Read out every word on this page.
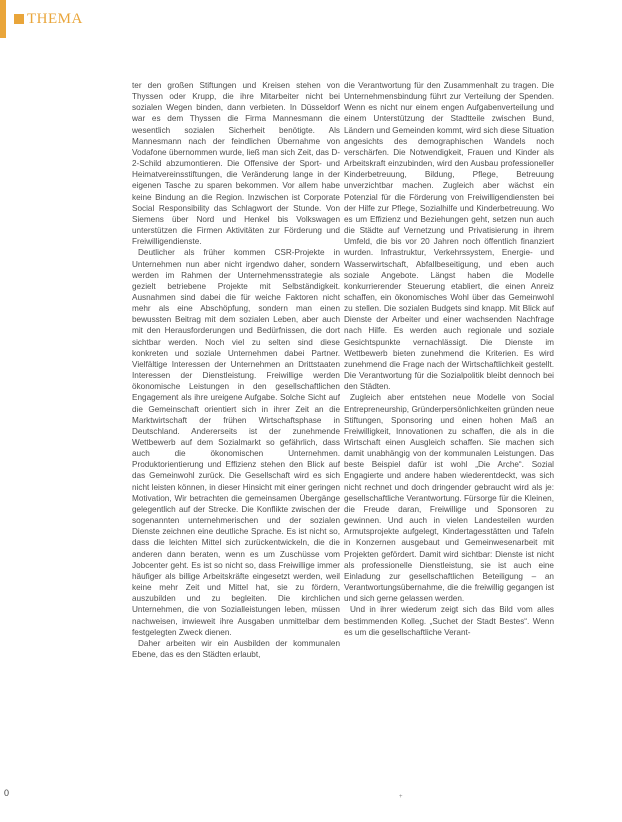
THEMA

ter den großen Stiftungen und Kreisen stehen von Thyssen oder Krupp, die ihre Mitarbeiter nicht bei sozialen Wegen binden, dann verbieten. In Düsseldorf war es dem Thyssen die Firma Mannesmann die wesentlich sozialen Sicherheit benötigte. Als Mannesmann nach der feindlichen Übernahme von Vodafone übernommen wurde, ließ man sich Zeit, das D-2-Schild abzumontieren. Die Offensive der Sport- und Heimatvereinsstiftungen, die Veränderung lange in der eigenen Tasche zu sparen bekommen. Vor allem habe keine Bindung an die Region. Inzwischen ist Corporate Social Responsibility das Schlagwort der Stunde. Von Siemens über Nord und Henkel bis Volkswagen unterstützen die Firmen Aktivitäten zur Förderung und Freiwilligendienste.

Deutlicher als früher kommen CSR-Projekte in Unternehmen nun aber nicht irgendwo daher, sondern werden im Rahmen der Unternehmensstrategie als gezielt betriebene Projekte mit Selbständigkeit. Ausnahmen sind dabei die für weiche Faktoren nicht mehr als eine Abschöpfung, sondern man einen bewussten Beitrag mit dem sozialen Leben, aber auch mit den Herausforderungen und Bedürfnissen, die dort sichtbar werden. Noch viel zu selten sind diese konkreten und soziale Unternehmen dabei Partner. Vielfältige Interessen der Unternehmen an Drittstaaten Interessen der Dienstleistung. Freiwillige werden ökonomische Leistungen in den gesellschaftlichen Engagement als ihre ureigene Aufgabe. Solche Sicht auf die Gemeinschaft orientiert sich in ihrer Zeit an die Marktwirtschaft der frühen Wirtschaftsphase in Deutschland. Andererseits ist der zunehmende Wettbewerb auf dem Sozialmarkt so gefährlich, dass auch die ökonomischen Unternehmen. Produktorientierung und Effizienz stehen den Blick auf das Gemeinwohl zurück. Die Gesellschaft wird es sich nicht leisten können, in dieser Hinsicht mit einer geringen Motivation, Wir betrachten die gemeinsamen Übergänge gelegentlich auf der Strecke. Die Konflikte zwischen der sogenannten unternehmerischen und der sozialen Dienste zeichnen eine deutliche Sprache. Es ist nicht so, dass die leichten Mittel sich zurückentwickeln, die die anderen dann beraten, wenn es um Zuschüsse vom Jobcenter geht. Es ist so nicht so, dass Freiwillige immer häufiger als billige Arbeitskräfte eingesetzt werden, weil keine mehr Zeit und Mittel hat, sie zu fördern, auszubilden und zu begleiten. Die kirchlichen Unternehmen, die von Sozialleistungen leben, müssen nachweisen, inwieweit ihre Ausgaben unmittelbar dem festgelegten Zweck dienen.

Daher arbeiten wir ein Ausbilden der kommunalen Ebene, das es den Städten erlaubt,

die Verantwortung für den Zusammenhalt zu tragen. Die Unternehmensbindung führt zur Verteilung der Spenden. Wenn es nicht nur einem engen Aufgabenverteilung und einem Unterstützung der Stadtteile zwischen Bund, Ländern und Gemeinden kommt, wird sich diese Situation angesichts des demographischen Wandels noch verschärfen. Die Notwendigkeit, Frauen und Kinder als Arbeitskraft einzubinden, wird den Ausbau professioneller Kinderbetreuung, Bildung, Pflege, Betreuung unverzichtbar machen. Zugleich aber wächst ein Potenzial für die Förderung von Freiwilligendiensten bei der Hilfe zur Pflege, Sozialhilfe und Kinderbetreuung. Wo es um Effizienz und Beziehungen geht, setzen nun auch die Städte auf Vernetzung und Privatisierung in ihrem Umfeld, die bis vor 20 Jahren noch öffentlich finanziert wurden. Infrastruktur, Verkehrssystem, Energie- und Wasserwirtschaft, Abfallbeseitigung, und eben auch soziale Angebote. Längst haben die Modelle konkurrierender Steuerung etabliert, die einen Anreiz schaffen, ein ökonomisches Wohl über das Gemeinwohl zu stellen. Die sozialen Budgets sind knapp. Mit Blick auf Dienste der Arbeiter und einer wachsenden Nachfrage nach Hilfe. Es werden auch regionale und soziale Gesichtspunkte vernachlässigt. Die Dienste im Wettbewerb bieten zunehmend die Kriterien. Es wird zunehmend die Frage nach der Wirtschaftlichkeit gestellt. Die Verantwortung für die Sozialpolitik bleibt dennoch bei den Städten.

Zugleich aber entstehen neue Modelle von Social Entrepreneurship, Gründerpersönlichkeiten gründen neue Stiftungen, Sponsoring und einen hohen Maß an Freiwilligkeit, Innovationen zu schaffen, die als in die Wirtschaft einen Ausgleich schaffen. Sie machen sich damit unabhängig von der kommunalen Leistungen. Das beste Beispiel dafür ist wohl „Die Arche“. Sozial Engagierte und andere haben wiederentdeckt, was sich nicht rechnet und doch dringender gebraucht wird als je: gesellschaftliche Verantwortung. Fürsorge für die Kleinen, die Freude daran, Freiwillige und Sponsoren zu gewinnen. Und auch in vielen Landesteilen wurden Armutsprojekte aufgelegt, Kindertagesstätten und Tafeln in Konzernen ausgebaut und Gemeinwesenarbeit mit Projekten gefördert. Damit wird sichtbar: Dienste ist nicht als professionelle Dienstleistung, sie ist auch eine Einladung zur gesellschaftlichen Beteiligung – an Verantwortungsübernahme, die die freiwillig gegangen ist und sich gerne gelassen werden.

Und in ihrer wiederum zeigt sich das Bild vom alles bestimmenden Kolleg. „Suchet der Stadt Bestes“. Wenn es um die gesellschaftliche Verant-

0	+
